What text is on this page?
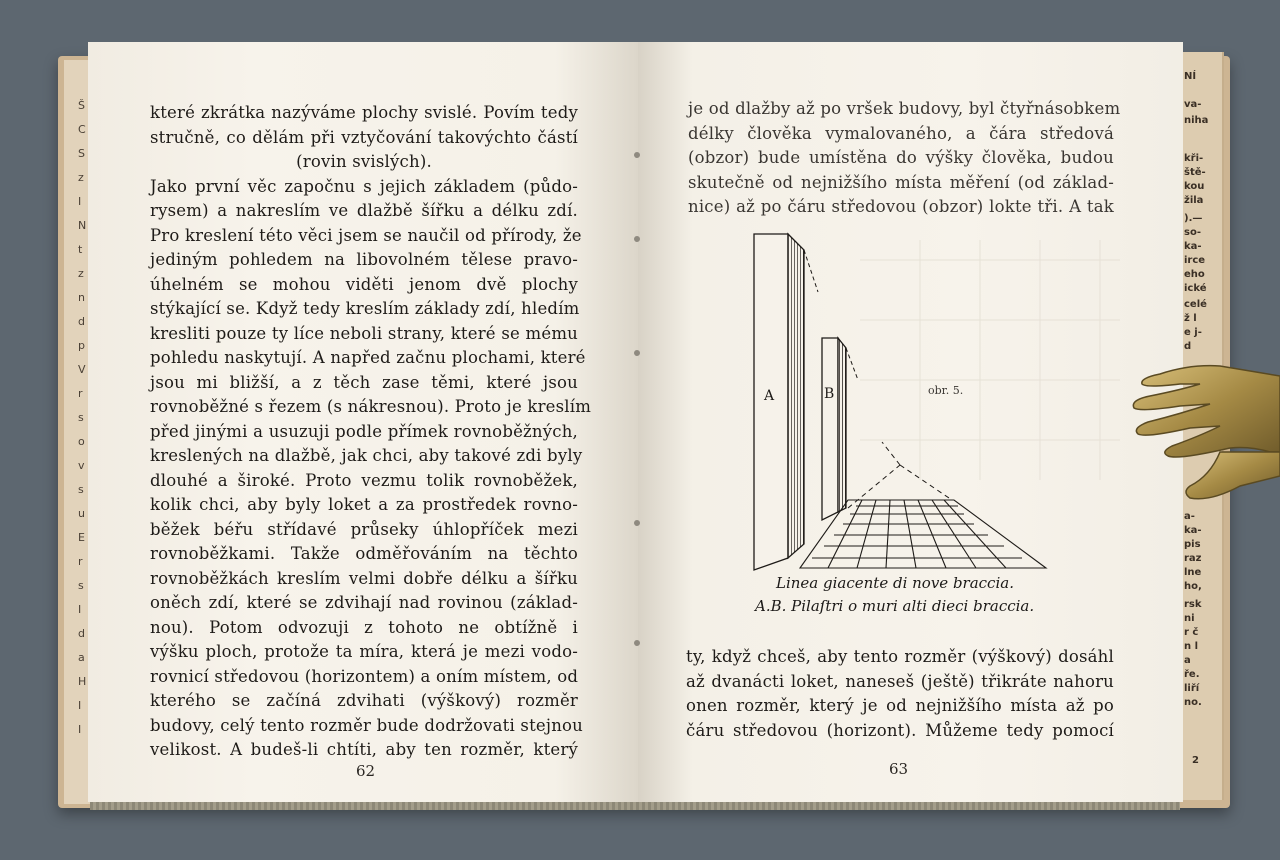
NÍ
va-
niha
kři-
ště-
kou
žila
).—
so-
ka-
irce
eho
ické
celé
ž l
e j-
d
a-
ka-
pis
raz
lne
ho,
rsk
ni
r č
n l
a
ře.
liří
no.
2
Š
C
S
z
I
N
t
z
n
d
p
V
r
s
o
v
s
u
E
r
s
I
d
a
H
I
I
které zkrátka nazýváme plochy svislé. Povím tedy
stručně, co dělám při vztyčování takovýchto částí
(rovin svislých).
Jako první věc započnu s jejich základem (půdo-
rysem) a nakreslím ve dlažbě šířku a délku zdí.
Pro kreslení této věci jsem se naučil od přírody, že
jediným pohledem na libovolném tělese pravo-
úhelném se mohou viděti jenom dvě plochy
stýkající se. Když tedy kreslím základy zdí, hledím
kresliti pouze ty líce neboli strany, které se mému
pohledu naskytují. A napřed začnu plochami, které
jsou mi bližší, a z těch zase těmi, které jsou
rovnoběžné s řezem (s nákresnou). Proto je kreslím
před jinými a usuzuji podle přímek rovnoběžných,
kreslených na dlažbě, jak chci, aby takové zdi byly
dlouhé a široké. Proto vezmu tolik rovnoběžek,
kolik chci, aby byly loket a za prostředek rovno-
běžek béřu střídavé průseky úhlopříček mezi
rovnoběžkami. Takže odměřováním na těchto
rovnoběžkách kreslím velmi dobře délku a šířku
oněch zdí, které se zdvihají nad rovinou (základ-
nou). Potom odvozuji z tohoto ne obtížně i
výšku ploch, protože ta míra, která je mezi vodo-
rovnicí středovou (horizontem) a oním místem, od
kterého se začíná zdvihati (výškový) rozměr
budovy, celý tento rozměr bude dodržovati stejnou
velikost. A budeš-li chtíti, aby ten rozměr, který
62
je od dlažby až po vršek budovy, byl čtyřnásobkem
délky člověka vymalovaného, a čára středová
(obzor) bude umístěna do výšky člověka, budou
skutečně od nejnižšího místa měření (od základ-
nice) až po čáru středovou (obzor) lokte tři. A tak
A	B	obr. 5.
Linea giacente di nove braccia.
A.B. Pilaſtri o muri alti dieci braccia.
ty, když chceš, aby tento rozměr (výškový) dosáhl
až dvanácti loket, naneseš (ještě) třikráte nahoru
onen rozměr, který je od nejnižšího místa až po
čáru středovou (horizont). Můžeme tedy pomocí
63
